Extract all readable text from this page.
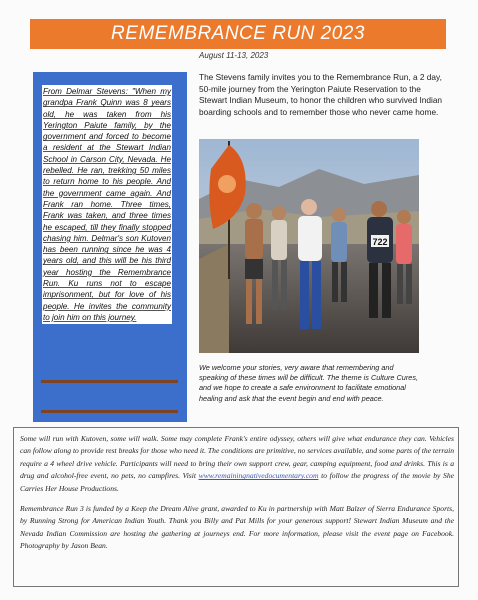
REMEMBRANCE RUN 2023
August 11-13, 2023
From Delmar Stevens: "When my grandpa Frank Quinn was 8 years old, he was taken from his Yerington Paiute family, by the government and forced to become a resident at the Stewart Indian School in Carson City, Nevada. He rebelled. He ran, trekking 50 miles to return home to his people. And the government came again. And Frank ran home. Three times, Frank was taken, and three times he escaped, till they finally stopped chasing him. Delmar's son Kutoven has been running since he was 4 years old, and this will be his third year hosting the Remembrance Run. Ku runs not to escape imprisonment, but for love of his people. He invites the community to join him on this journey.
The Stevens family invites you to the Remembrance Run, a 2 day, 50-mile journey from the Yerington Paiute Reservation to the Stewart Indian Museum, to honor the children who survived Indian boarding schools and to remember those who never came home.
722
We welcome your stories, very aware that remembering and speaking of these times will be difficult. The theme is Culture Cures, and we hope to create a safe environment to facilitate emotional healing and ask that the event begin and end with peace.

Some will run with Kutoven, some will walk. Some may complete Frank's entire odyssey, others will give what endurance they can. Vehicles can follow along to provide rest breaks for those who need it. The conditions are primitive, no services available, and some parts of the terrain require a 4 wheel drive vehicle. Participants will need to bring their own support crew, gear, camping equipment, food and drinks. This is a drug and alcohol-free event, no pets, no campfires. Visit www.remainingnativedocumentary.com to follow the progress of the movie by She Carries Her House Productions.

Remembrance Run 3 is funded by a Keep the Dream Alive grant, awarded to Ku in partnership with Matt Balzer of Sierra Endurance Sports, by Running Strong for American Indian Youth. Thank you Billy and Pat Mills for your generous support! Stewart Indian Museum and the Nevada Indian Commission are hosting the gathering at journeys end. For more information, please visit the event page on Facebook. Photography by Jason Bean.
